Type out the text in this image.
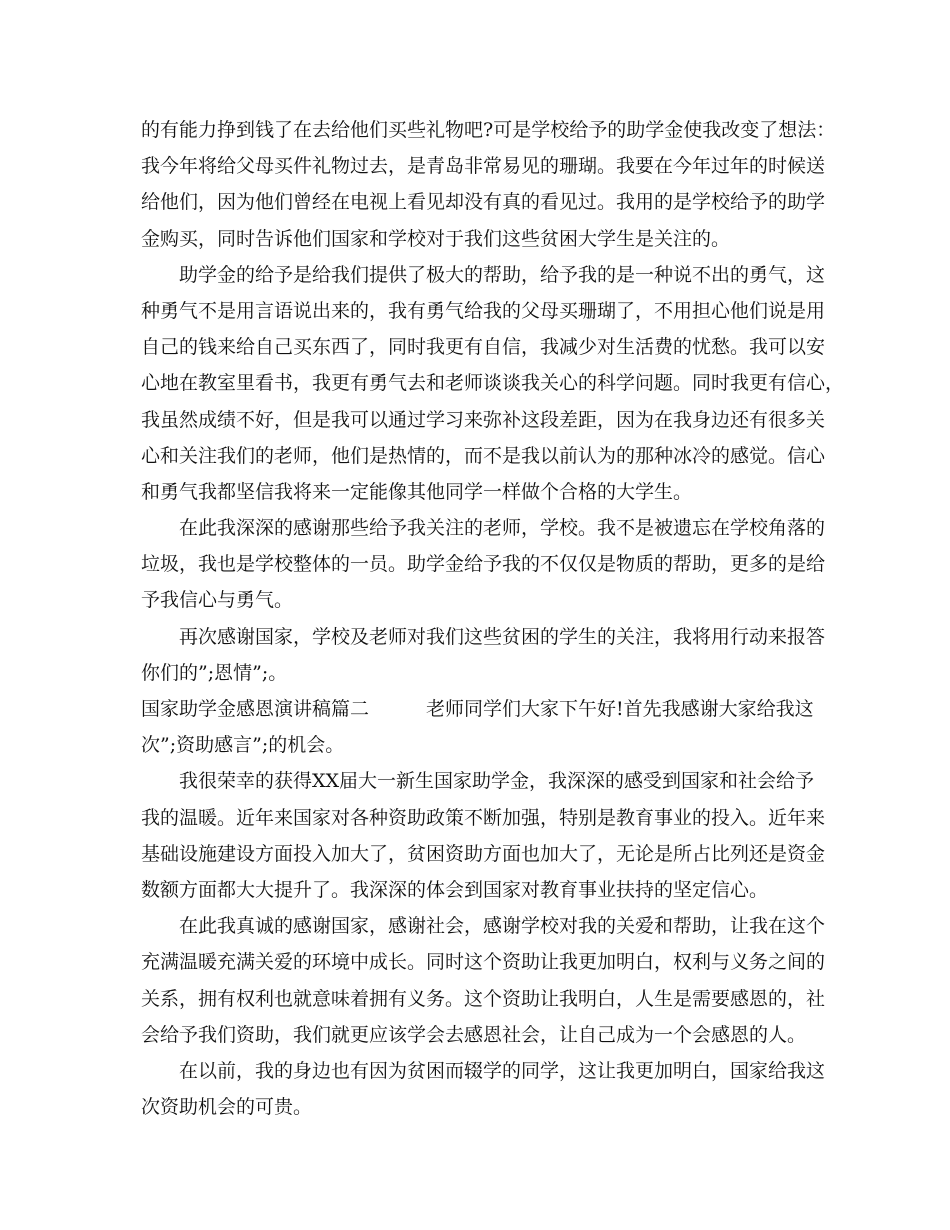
的有能力挣到钱了在去给他们买些礼物吧?可是学校给予的助学金使我改变了想法：
我今年将给父母买件礼物过去，是青岛非常易见的珊瑚。我要在今年过年的时候送
给他们，因为他们曾经在电视上看见却没有真的看见过。我用的是学校给予的助学
金购买，同时告诉他们国家和学校对于我们这些贫困大学生是关注的。
助学金的给予是给我们提供了极大的帮助，给予我的是一种说不出的勇气，这
种勇气不是用言语说出来的，我有勇气给我的父母买珊瑚了，不用担心他们说是用
自己的钱来给自己买东西了，同时我更有自信，我减少对生活费的忧愁。我可以安
心地在教室里看书，我更有勇气去和老师谈谈我关心的科学问题。同时我更有信心，
我虽然成绩不好，但是我可以通过学习来弥补这段差距，因为在我身边还有很多关
心和关注我们的老师，他们是热情的，而不是我以前认为的那种冰冷的感觉。信心
和勇气我都坚信我将来一定能像其他同学一样做个合格的大学生。
在此我深深的感谢那些给予我关注的老师，学校。我不是被遗忘在学校角落的
垃圾，我也是学校整体的一员。助学金给予我的不仅仅是物质的帮助，更多的是给
予我信心与勇气。
再次感谢国家，学校及老师对我们这些贫困的学生的关注，我将用行动来报答
你们的”;恩情”;。
国家助学金感恩演讲稿篇二　　　老师同学们大家下午好!首先我感谢大家给我这
次”;资助感言”;的机会。
我很荣幸的获得XX届大一新生国家助学金，我深深的感受到国家和社会给予
我的温暖。近年来国家对各种资助政策不断加强，特别是教育事业的投入。近年来
基础设施建设方面投入加大了，贫困资助方面也加大了，无论是所占比列还是资金
数额方面都大大提升了。我深深的体会到国家对教育事业扶持的坚定信心。
在此我真诚的感谢国家，感谢社会，感谢学校对我的关爱和帮助，让我在这个
充满温暖充满关爱的环境中成长。同时这个资助让我更加明白，权利与义务之间的
关系，拥有权利也就意味着拥有义务。这个资助让我明白，人生是需要感恩的，社
会给予我们资助，我们就更应该学会去感恩社会，让自己成为一个会感恩的人。
在以前，我的身边也有因为贫困而辍学的同学，这让我更加明白，国家给我这
次资助机会的可贵。
